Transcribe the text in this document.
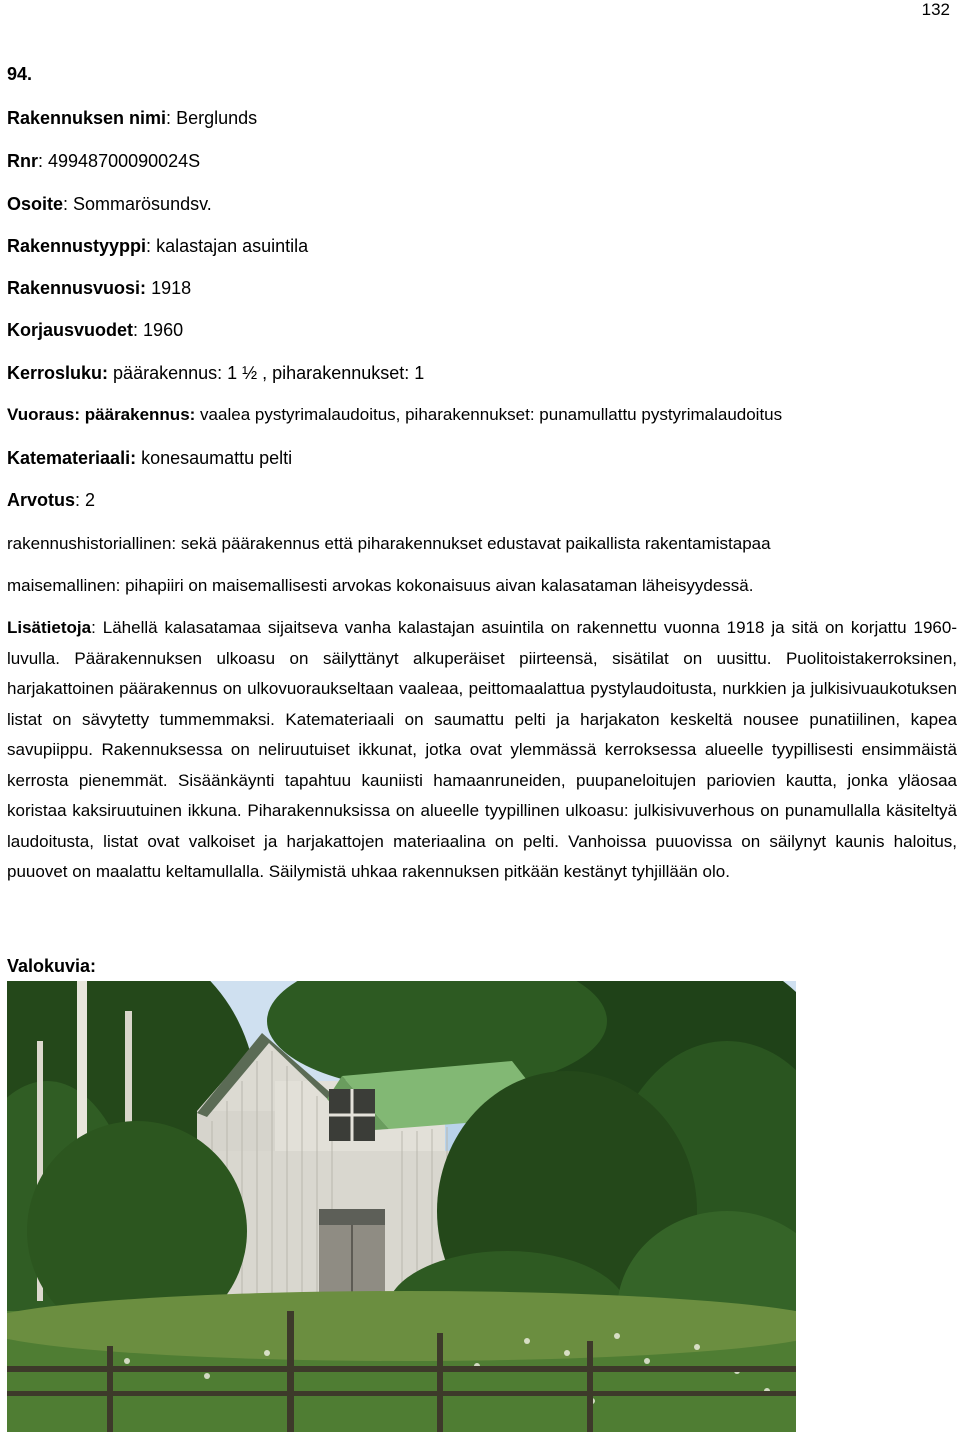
132
94.
Rakennuksen nimi: Berglunds
Rnr: 49948700090024S
Osoite: Sommarösundsv.
Rakennustyyppi: kalastajan asuintila
Rakennusvuosi: 1918
Korjausvuodet: 1960
Kerrosluku: päärakennus: 1 ½ , piharakennukset: 1
Vuoraus: päärakennus: vaalea pystyrimalaudoitus, piharakennukset: punamullattu pystyrimalaudoitus
Katemateriaali: konesaumattu pelti
Arvotus: 2
rakennushistoriallinen: sekä päärakennus että piharakennukset edustavat paikallista rakentamistapaa
maisemallinen: pihapiiri on maisemallisesti arvokas kokonaisuus aivan kalasataman läheisyydessä.
Lisätietoja: Lähellä kalasatamaa sijaitseva vanha kalastajan asuintila on rakennettu vuonna 1918 ja sitä on korjattu 1960-luvulla. Päärakennuksen ulkoasu on säilyttänyt alkuperäiset piirteensä, sisätilat on uusittu. Puolitoistakerroksinen, harjakattoinen päärakennus on ulkovuoraukseltaan vaaleaa, peittomaalattua pystylaudoitusta, nurkkien ja julkisivuaukotuksen listat on sävytetty tummemmaksi. Katemateriaali on saumattu pelti ja harjakaton keskeltä nousee punatiilinen, kapea savupiippu. Rakennuksessa on neliruutuiset ikkunat, jotka ovat ylemmässä kerroksessa alueelle tyypillisesti ensimmäistä kerrosta pienemmät. Sisäänkäynti tapahtuu kauniisti hamaanruneiden, puupaneloitujen pariovien kautta, jonka yläosaa koristaa kaksiruutuinen ikkuna. Piharakennuksissa on alueelle tyypillinen ulkoasu: julkisivuverhous on punamullalla käsiteltyä laudoitusta, listat ovat valkoiset ja harjakattojen materiaalina on pelti. Vanhoissa puuovissa on säilynyt kaunis haloitus, puuovet on maalattu keltamullalla. Säilymistä uhkaa rakennuksen pitkään kestänyt tyhjillään olo.
Valokuvia:
